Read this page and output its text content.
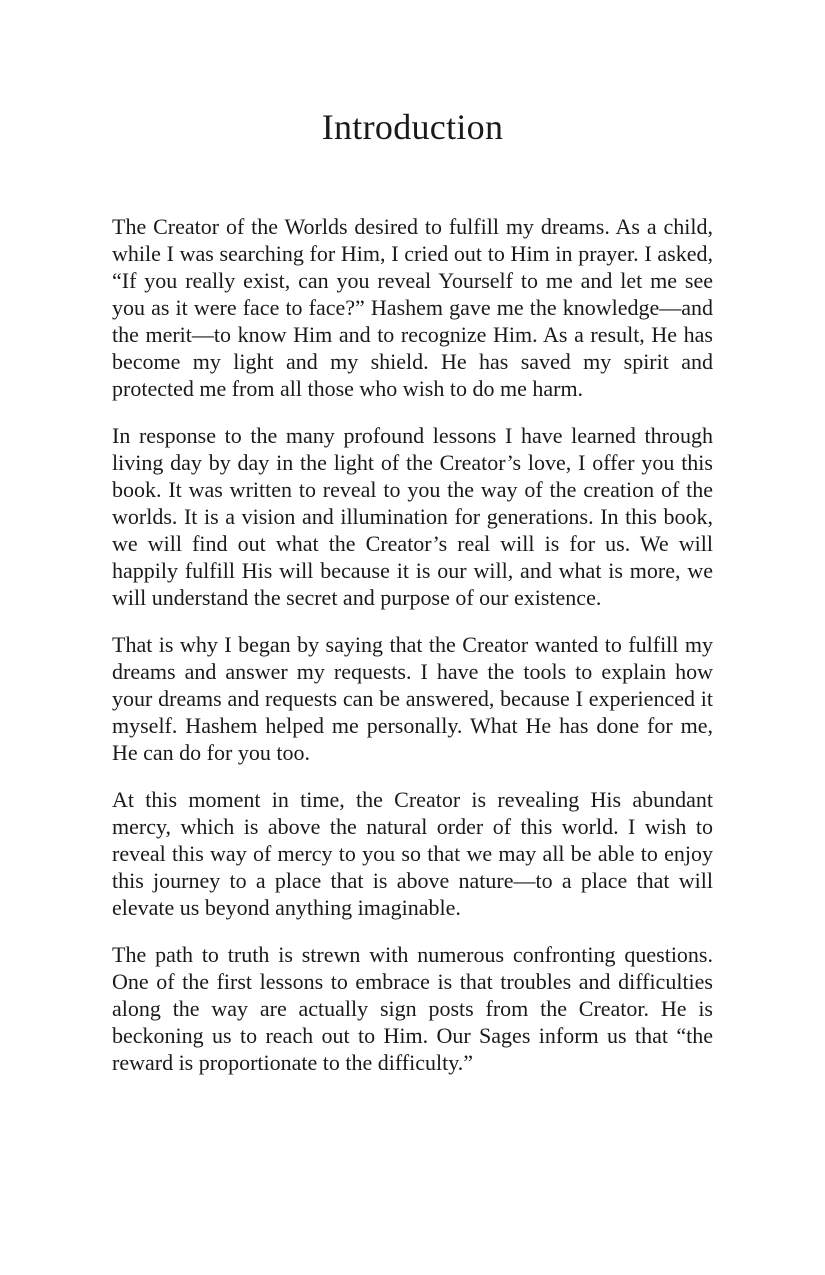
Introduction

The Creator of the Worlds desired to fulfill my dreams. As a child, while I was searching for Him, I cried out to Him in prayer. I asked, “If you really exist, can you reveal Yourself to me and let me see you as it were face to face?” Hashem gave me the knowledge—and the merit—to know Him and to recognize Him. As a result, He has become my light and my shield. He has saved my spirit and protected me from all those who wish to do me harm.

In response to the many profound lessons I have learned through living day by day in the light of the Creator’s love, I offer you this book. It was written to reveal to you the way of the creation of the worlds. It is a vision and illumination for generations. In this book, we will find out what the Creator’s real will is for us. We will happily fulfill His will because it is our will, and what is more, we will understand the secret and purpose of our existence.

That is why I began by saying that the Creator wanted to fulfill my dreams and answer my requests. I have the tools to explain how your dreams and requests can be answered, because I experienced it myself. Hashem helped me personally. What He has done for me, He can do for you too.

At this moment in time, the Creator is revealing His abundant mercy, which is above the natural order of this world. I wish to reveal this way of mercy to you so that we may all be able to enjoy this journey to a place that is above nature—to a place that will elevate us beyond anything imaginable.

The path to truth is strewn with numerous confronting questions. One of the first lessons to embrace is that troubles and difficulties along the way are actually sign posts from the Creator. He is beckoning us to reach out to Him. Our Sages inform us that “the reward is proportionate to the difficulty.”
